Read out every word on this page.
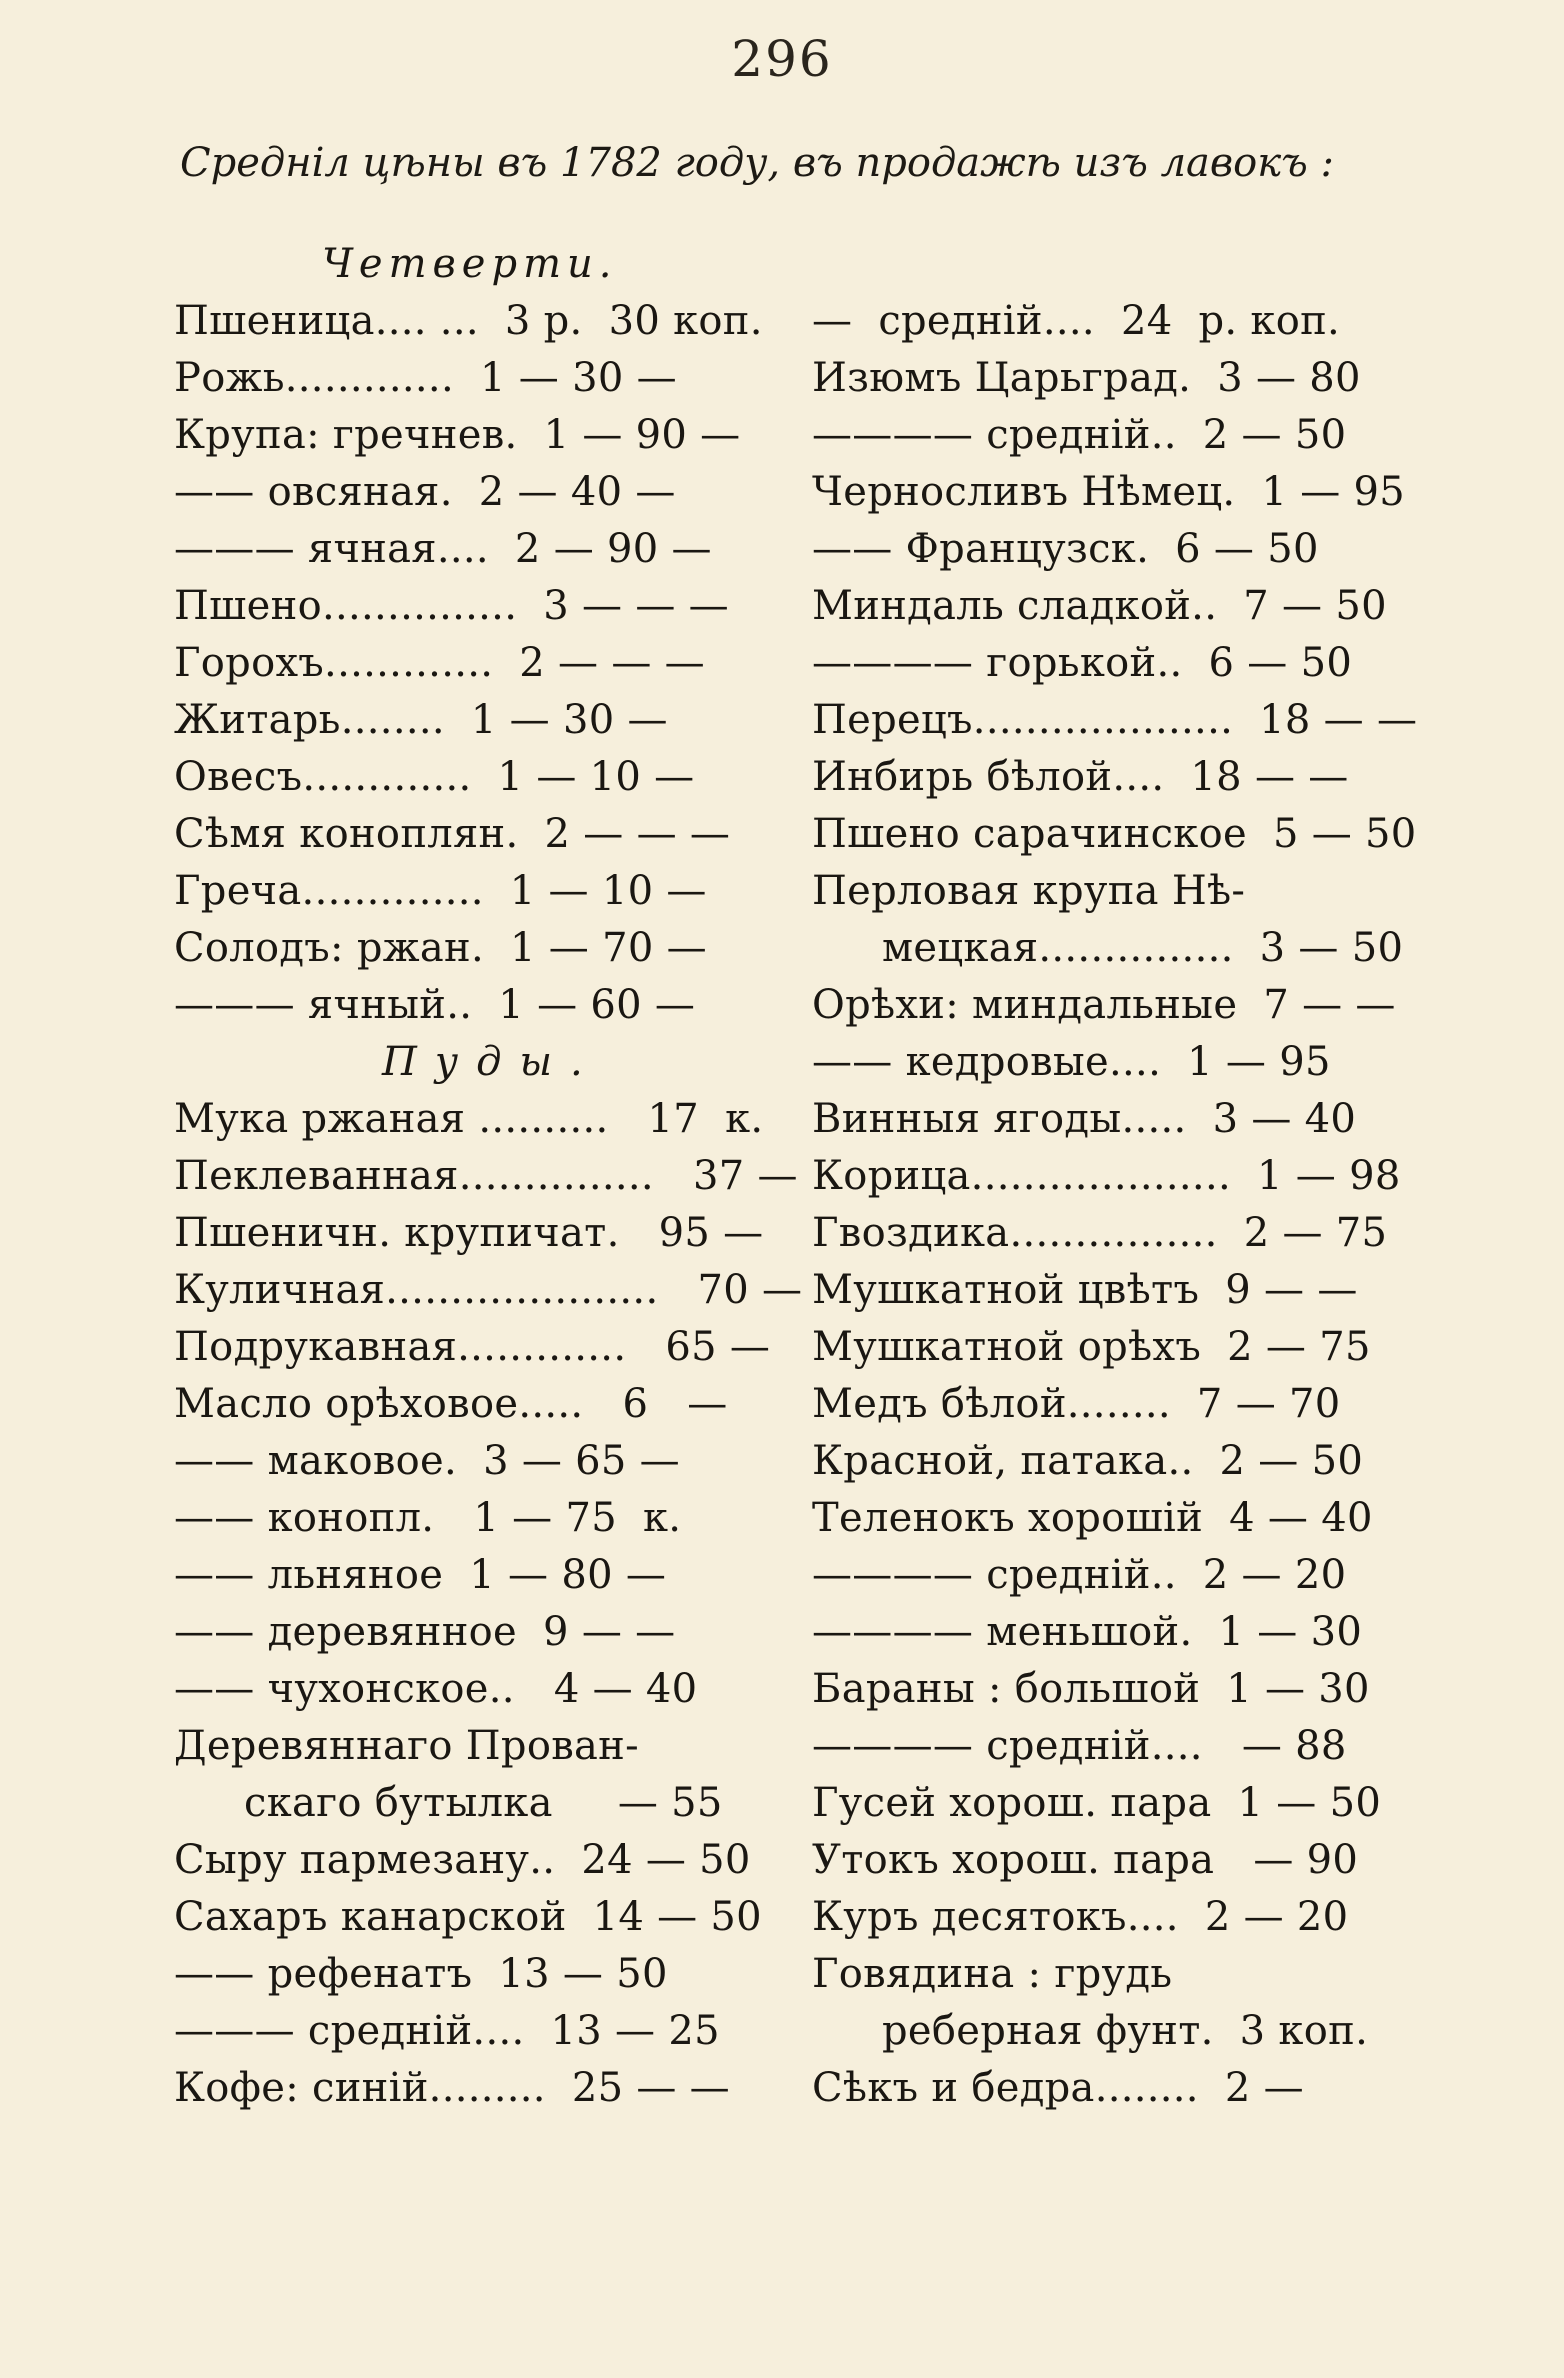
296
Средніл цѣны въ 1782 году, въ продажѣ изъ лавокъ :
Четверти.
Пшеница.... ...  3 р.  30 коп.
Рожь.............  1 — 30 —
Крупа: гречнев.  1 — 90 —
—— овсяная.  2 — 40 —
——— ячная....  2 — 90 —
Пшено...............  3 — — —
Горохъ.............  2 — — —
Житарь........  1 — 30 —
Овесъ.............  1 — 10 —
Сѣмя коноплян.  2 — — —
Греча..............  1 — 10 —
Солодъ: ржан.  1 — 70 —
——— ячный..  1 — 60 —
Пуды.
Мука ржаная ..........   17  к.
Пеклеванная...............   37 —
Пшеничн. крупичат.   95 —
Куличная.....................   70 —
Подрукавная.............   65 —
Масло орѣховое.....   6   —
—— маковое.  3 — 65 —
—— конопл.   1 — 75  к.
—— льняное  1 — 80 —
—— деревянное  9 — —
—— чухонское..   4 — 40
Деревяннаго Прован-
скаго бутылка     — 55
Сыру пармезану..  24 — 50
Сахаръ канарской  14 — 50
—— рефенатъ  13 — 50
——— среднiй....  13 — 25
Кофе: синiй.........  25 — —
—  среднiй....  24  р. коп.
Изюмъ Царьград.  3 — 80
———— среднiй..  2 — 50
Черносливъ Нѣмец.  1 — 95
—— Французск.  6 — 50
Миндаль сладкой..  7 — 50
———— горькой..  6 — 50
Перецъ....................  18 — —
Инбирь бѣлой....  18 — —
Пшено сарачинское  5 — 50
Перловая крупа Нѣ-
мецкая...............  3 — 50
Орѣхи: миндальные  7 — —
—— кедровые....  1 — 95
Винныя ягоды.....  3 — 40
Корица....................  1 — 98
Гвоздика................  2 — 75
Мушкатной цвѣтъ  9 — —
Мушкатной орѣхъ  2 — 75
Медъ бѣлой........  7 — 70
Красной, патака..  2 — 50
Теленокъ хорошiй  4 — 40
———— среднiй..  2 — 20
———— меньшой.  1 — 30
Бараны : большой  1 — 30
———— среднiй....   — 88
Гусей хорош. пара  1 — 50
Утокъ хорош. пара   — 90
Куръ десятокъ....  2 — 20
Говядина : грудь
реберная фунт.  3 коп.
Сѣкъ и бедра........  2 —
